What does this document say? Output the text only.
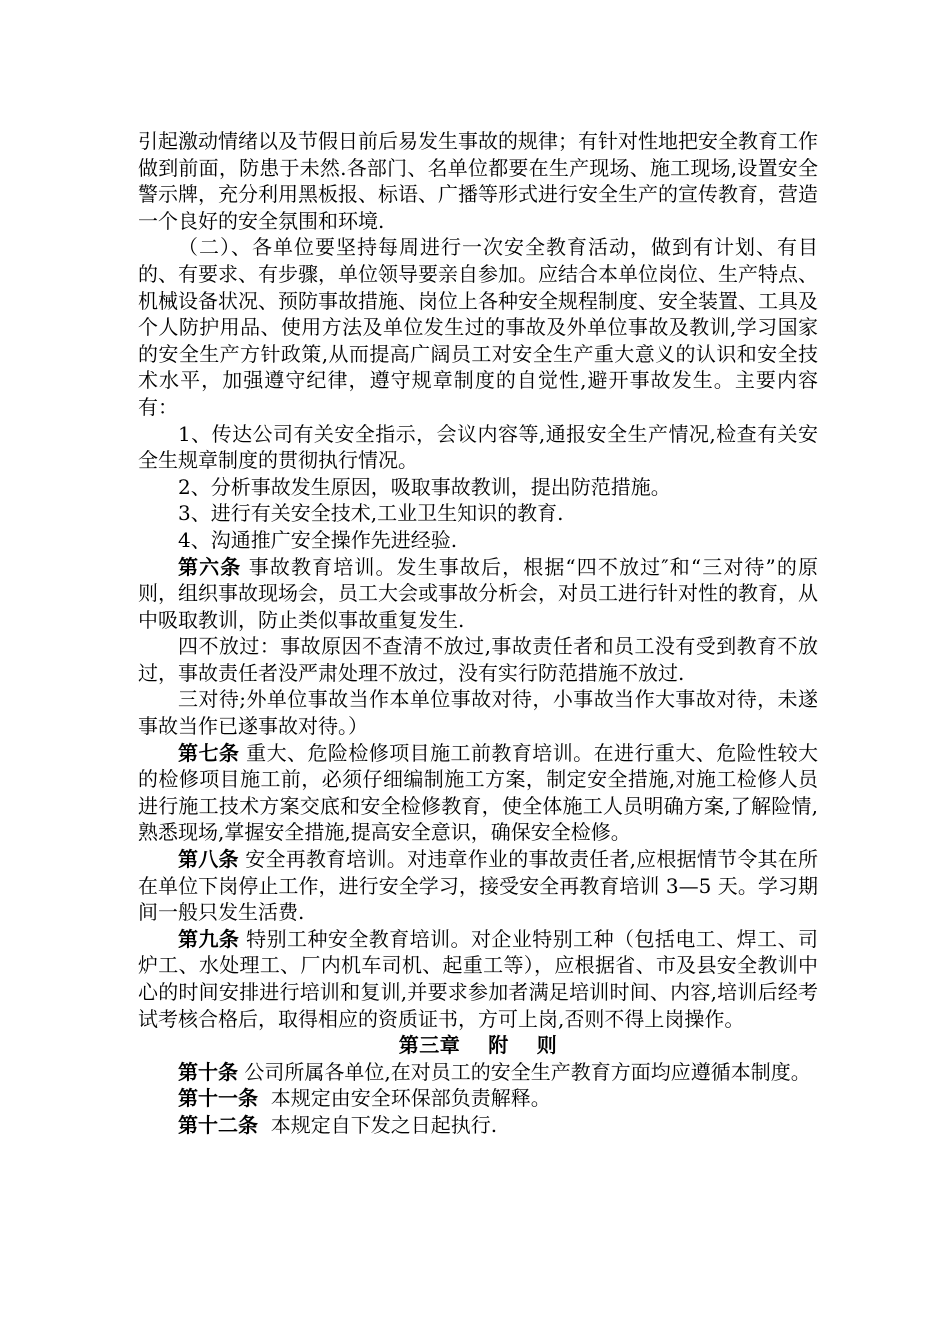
引起激动情绪以及节假日前后易发生事故的规律；有针对性地把安全教育工作做到前面，防患于未然.各部门、名单位都要在生产现场、施工现场,设置安全警示牌，充分利用黑板报、标语、广播等形式进行安全生产的宣传教育，营造一个良好的安全氛围和环境.

（二）、各单位要坚持每周进行一次安全教育活动，做到有计划、有目的、有要求、有步骤，单位领导要亲自参加。应结合本单位岗位、生产特点、机械设备状况、预防事故措施、岗位上各种安全规程制度、安全装置、工具及个人防护用品、使用方法及单位发生过的事故及外单位事故及教训,学习国家的安全生产方针政策,从而提高广阔员工对安全生产重大意义的认识和安全技术水平，加强遵守纪律，遵守规章制度的自觉性,避开事故发生。主要内容有：

1、传达公司有关安全指示，会议内容等,通报安全生产情况,检查有关安全生规章制度的贯彻执行情况。

2、分析事故发生原因，吸取事故教训，提出防范措施。

3、进行有关安全技术,工业卫生知识的教育.

4、沟通推广安全操作先进经验.

第六条 事故教育培训。发生事故后，根据“四不放过″和“三对待”的原则，组织事故现场会，员工大会或事故分析会，对员工进行针对性的教育，从中吸取教训，防止类似事故重复发生.

四不放过：事故原因不查清不放过,事故责任者和员工没有受到教育不放过，事故责任者没严肃处理不放过，没有实行防范措施不放过.

三对待;外单位事故当作本单位事故对待，小事故当作大事故对待，未遂事故当作已遂事故对待。）

第七条 重大、危险检修项目施工前教育培训。在进行重大、危险性较大的检修项目施工前，必须仔细编制施工方案，制定安全措施,对施工检修人员进行施工技术方案交底和安全检修教育，使全体施工人员明确方案,了解险情,熟悉现场,掌握安全措施,提高安全意识，确保安全检修。

第八条 安全再教育培训。对违章作业的事故责任者,应根据情节令其在所在单位下岗停止工作，进行安全学习，接受安全再教育培训 3—5 天。学习期间一般只发生活费.

第九条 特别工种安全教育培训。对企业特别工种（包括电工、焊工、司炉工、水处理工、厂内机车司机、起重工等），应根据省、市及县安全教训中心的时间安排进行培训和复训,并要求参加者满足培训时间、内容,培训后经考试考核合格后，取得相应的资质证书，方可上岗,否则不得上岗操作。

第三章 附 则

第十条 公司所属各单位,在对员工的安全生产教育方面均应遵循本制度。

第十一条  本规定由安全环保部负责解释。

第十二条  本规定自下发之日起执行.
